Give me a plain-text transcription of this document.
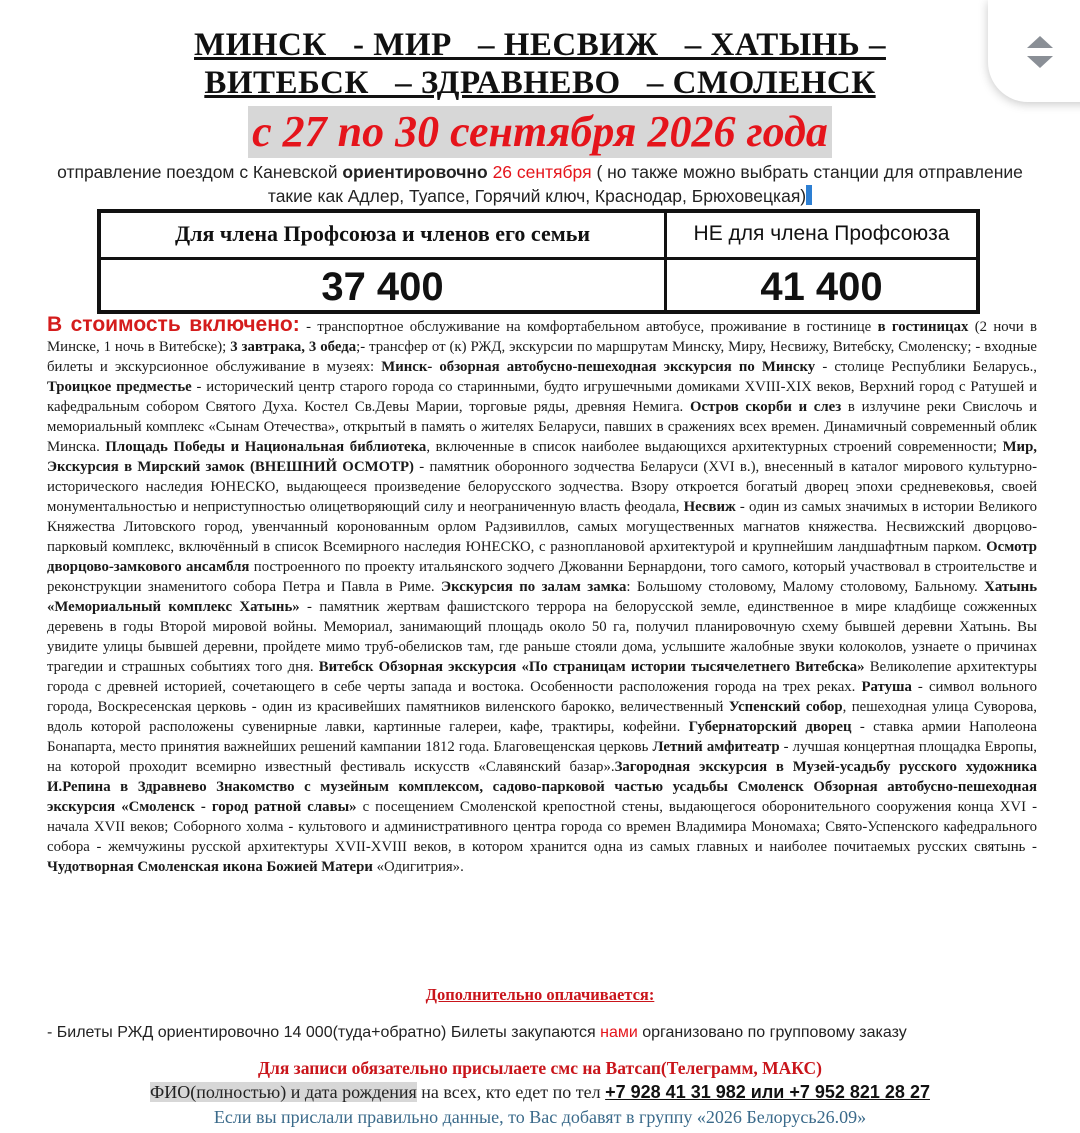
МИНСК   - МИР   – НЕСВИЖ   – ХАТЫНЬ –
ВИТЕБСК   – ЗДРАВНЕВО   – СМОЛЕНСК
с 27 по 30 сентября 2026 года
отправление поездом с Каневской ориентировочно 26 сентября ( но также можно выбрать станции для отправление такие как Адлер, Туапсе, Горячий ключ, Краснодар, Брюховецкая)
Для члена Профсоюза и членов его семьи	НЕ для члена Профсоюза
37 400	41 400
В стоимость включено: - транспортное обслуживание на комфортабельном автобусе, проживание в гостинице в гостиницах (2 ночи в Минске, 1 ночь в Витебске); 3 завтрака, 3 обеда;- трансфер от (к) РЖД, экскурсии по маршрутам Минску, Миру, Несвижу, Витебску, Смоленску; - входные билеты и экскурсионное обслуживание в музеях: Минск- обзорная автобусно-пешеходная экскурсия по Минску - столице Республики Беларусь., Троицкое предместье - исторический центр старого города со старинными, будто игрушечными домиками XVIII-XIX веков, Верхний город с Ратушей и кафедральным собором Святого Духа. Костел Св.Девы Марии, торговые ряды, древняя Немига. Остров скорби и слез в излучине реки Свислочь и мемориальный комплекс «Сынам Отечества», открытый в память о жителях Беларуси, павших в сражениях всех времен. Динамичный современный облик Минска. Площадь Победы и Национальная библиотека, включенные в список наиболее выдающихся архитектурных строений современности; Мир, Экскурсия в Мирский замок (ВНЕШНИЙ ОСМОТР) - памятник оборонного зодчества Беларуси (XVI в.), внесенный в каталог мирового культурно-исторического наследия ЮНЕСКО, выдающееся произведение белорусского зодчества. Взору откроется богатый дворец эпохи средневековья, своей монументальностью и неприступностью олицетворяющий силу и неограниченную власть феодала, Несвиж - один из самых значимых в истории Великого Княжества Литовского город, увенчанный коронованным орлом Радзивиллов, самых могущественных магнатов княжества. Несвижский дворцово-парковый комплекс, включённый в список Всемирного наследия ЮНЕСКО, с разноплановой архитектурой и крупнейшим ландшафтным парком. Осмотр дворцово-замкового ансамбля построенного по проекту итальянского зодчего Джованни Бернардони, того самого, который участвовал в строительстве и реконструкции знаменитого собора Петра и Павла в Риме. Экскурсия по залам замка: Большому столовому, Малому столовому, Бальному. Хатынь «Мемориальный комплекс Хатынь» - памятник жертвам фашистского террора на белорусской земле, единственное в мире кладбище сожженных деревень в годы Второй мировой войны. Мемориал, занимающий площадь около 50 га, получил планировочную схему бывшей деревни Хатынь. Вы увидите улицы бывшей деревни, пройдете мимо труб-обелисков там, где раньше стояли дома, услышите жалобные звуки колоколов, узнаете о причинах трагедии и страшных событиях того дня. Витебск Обзорная экскурсия «По страницам истории тысячелетнего Витебска» Великолепие архитектуры города с древней историей, сочетающего в себе черты запада и востока. Особенности расположения города на трех реках. Ратуша - символ вольного города, Воскресенская церковь - один из красивейших памятников виленского барокко, величественный Успенский собор, пешеходная улица Суворова, вдоль которой расположены сувенирные лавки, картинные галереи, кафе, трактиры, кофейни. Губернаторский дворец - ставка армии Наполеона Бонапарта, место принятия важнейших решений кампании 1812 года. Благовещенская церковь Летний амфитеатр - лучшая концертная площадка Европы, на которой проходит всемирно известный фестиваль искусств «Славянский базар».Загородная экскурсия в Музей-усадьбу русского художника И.Репина в Здравнево Знакомство с музейным комплексом, садово-парковой частью усадьбы Смоленск Обзорная автобусно-пешеходная экскурсия «Смоленск - город ратной славы» с посещением Смоленской крепостной стены, выдающегося оборонительного сооружения конца XVI - начала XVII веков; Соборного холма - культового и административного центра города со времен Владимира Мономаха; Свято-Успенского кафедрального собора - жемчужины русской архитектуры XVII-XVIII веков, в котором хранится одна из самых главных и наиболее почитаемых русских святынь - Чудотворная Смоленская икона Божией Матери «Одигитрия».
Дополнительно оплачивается:
- Билеты РЖД ориентировочно 14 000(туда+обратно) Билеты закупаются нами организовано по групповому заказу
Для записи обязательно присылаете смс на Ватсап(Телеграмм, МАКС)
ФИО(полностью) и дата рождения на всех, кто едет по тел +7 928 41 31 982 или +7 952 821 28 27
Если вы прислали правильно данные, то Вас добавят в группу «2026 Белорусь26.09»
